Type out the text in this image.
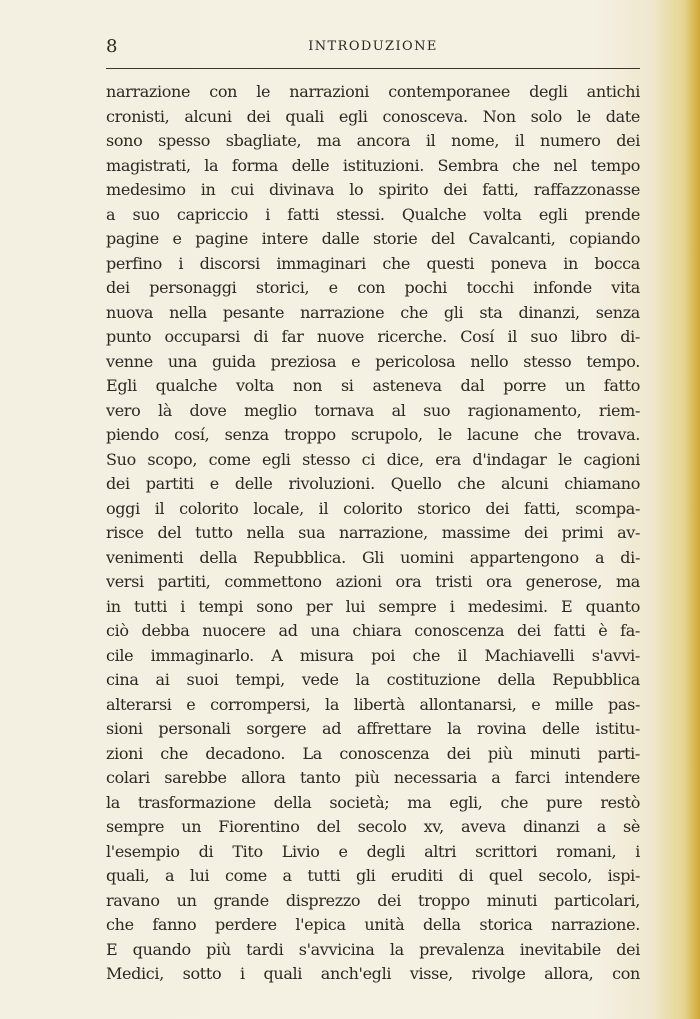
8	INTRODUZIONE
narrazione con le narrazioni contemporanee degli antichi
cronisti, alcuni dei quali egli conosceva. Non solo le date
sono spesso sbagliate, ma ancora il nome, il numero dei
magistrati, la forma delle istituzioni. Sembra che nel tempo
medesimo in cui divinava lo spirito dei fatti, raffazzonasse
a suo capriccio i fatti stessi. Qualche volta egli prende
pagine e pagine intere dalle storie del Cavalcanti, copiando
perfino i discorsi immaginari che questi poneva in bocca
dei personaggi storici, e con pochi tocchi infonde vita
nuova nella pesante narrazione che gli sta dinanzi, senza
punto occuparsi di far nuove ricerche. Cosí il suo libro di-
venne una guida preziosa e pericolosa nello stesso tempo.
Egli qualche volta non si asteneva dal porre un fatto
vero là dove meglio tornava al suo ragionamento, riem-
piendo cosí, senza troppo scrupolo, le lacune che trovava.
Suo scopo, come egli stesso ci dice, era d'indagar le cagioni
dei partiti e delle rivoluzioni. Quello che alcuni chiamano
oggi il colorito locale, il colorito storico dei fatti, scompa-
risce del tutto nella sua narrazione, massime dei primi av-
venimenti della Repubblica. Gli uomini appartengono a di-
versi partiti, commettono azioni ora tristi ora generose, ma
in tutti i tempi sono per lui sempre i medesimi. E quanto
ciò debba nuocere ad una chiara conoscenza dei fatti è fa-
cile immaginarlo. A misura poi che il Machiavelli s'avvi-
cina ai suoi tempi, vede la costituzione della Repubblica
alterarsi e corrompersi, la libertà allontanarsi, e mille pas-
sioni personali sorgere ad affrettare la rovina delle istitu-
zioni che decadono. La conoscenza dei più minuti parti-
colari sarebbe allora tanto più necessaria a farci intendere
la trasformazione della società; ma egli, che pure restò
sempre un Fiorentino del secolo xv, aveva dinanzi a sè
l'esempio di Tito Livio e degli altri scrittori romani, i
quali, a lui come a tutti gli eruditi di quel secolo, ispi-
ravano un grande disprezzo dei troppo minuti particolari,
che fanno perdere l'epica unità della storica narrazione.
E quando più tardi s'avvicina la prevalenza inevitabile dei
Medici, sotto i quali anch'egli visse, rivolge allora, con
